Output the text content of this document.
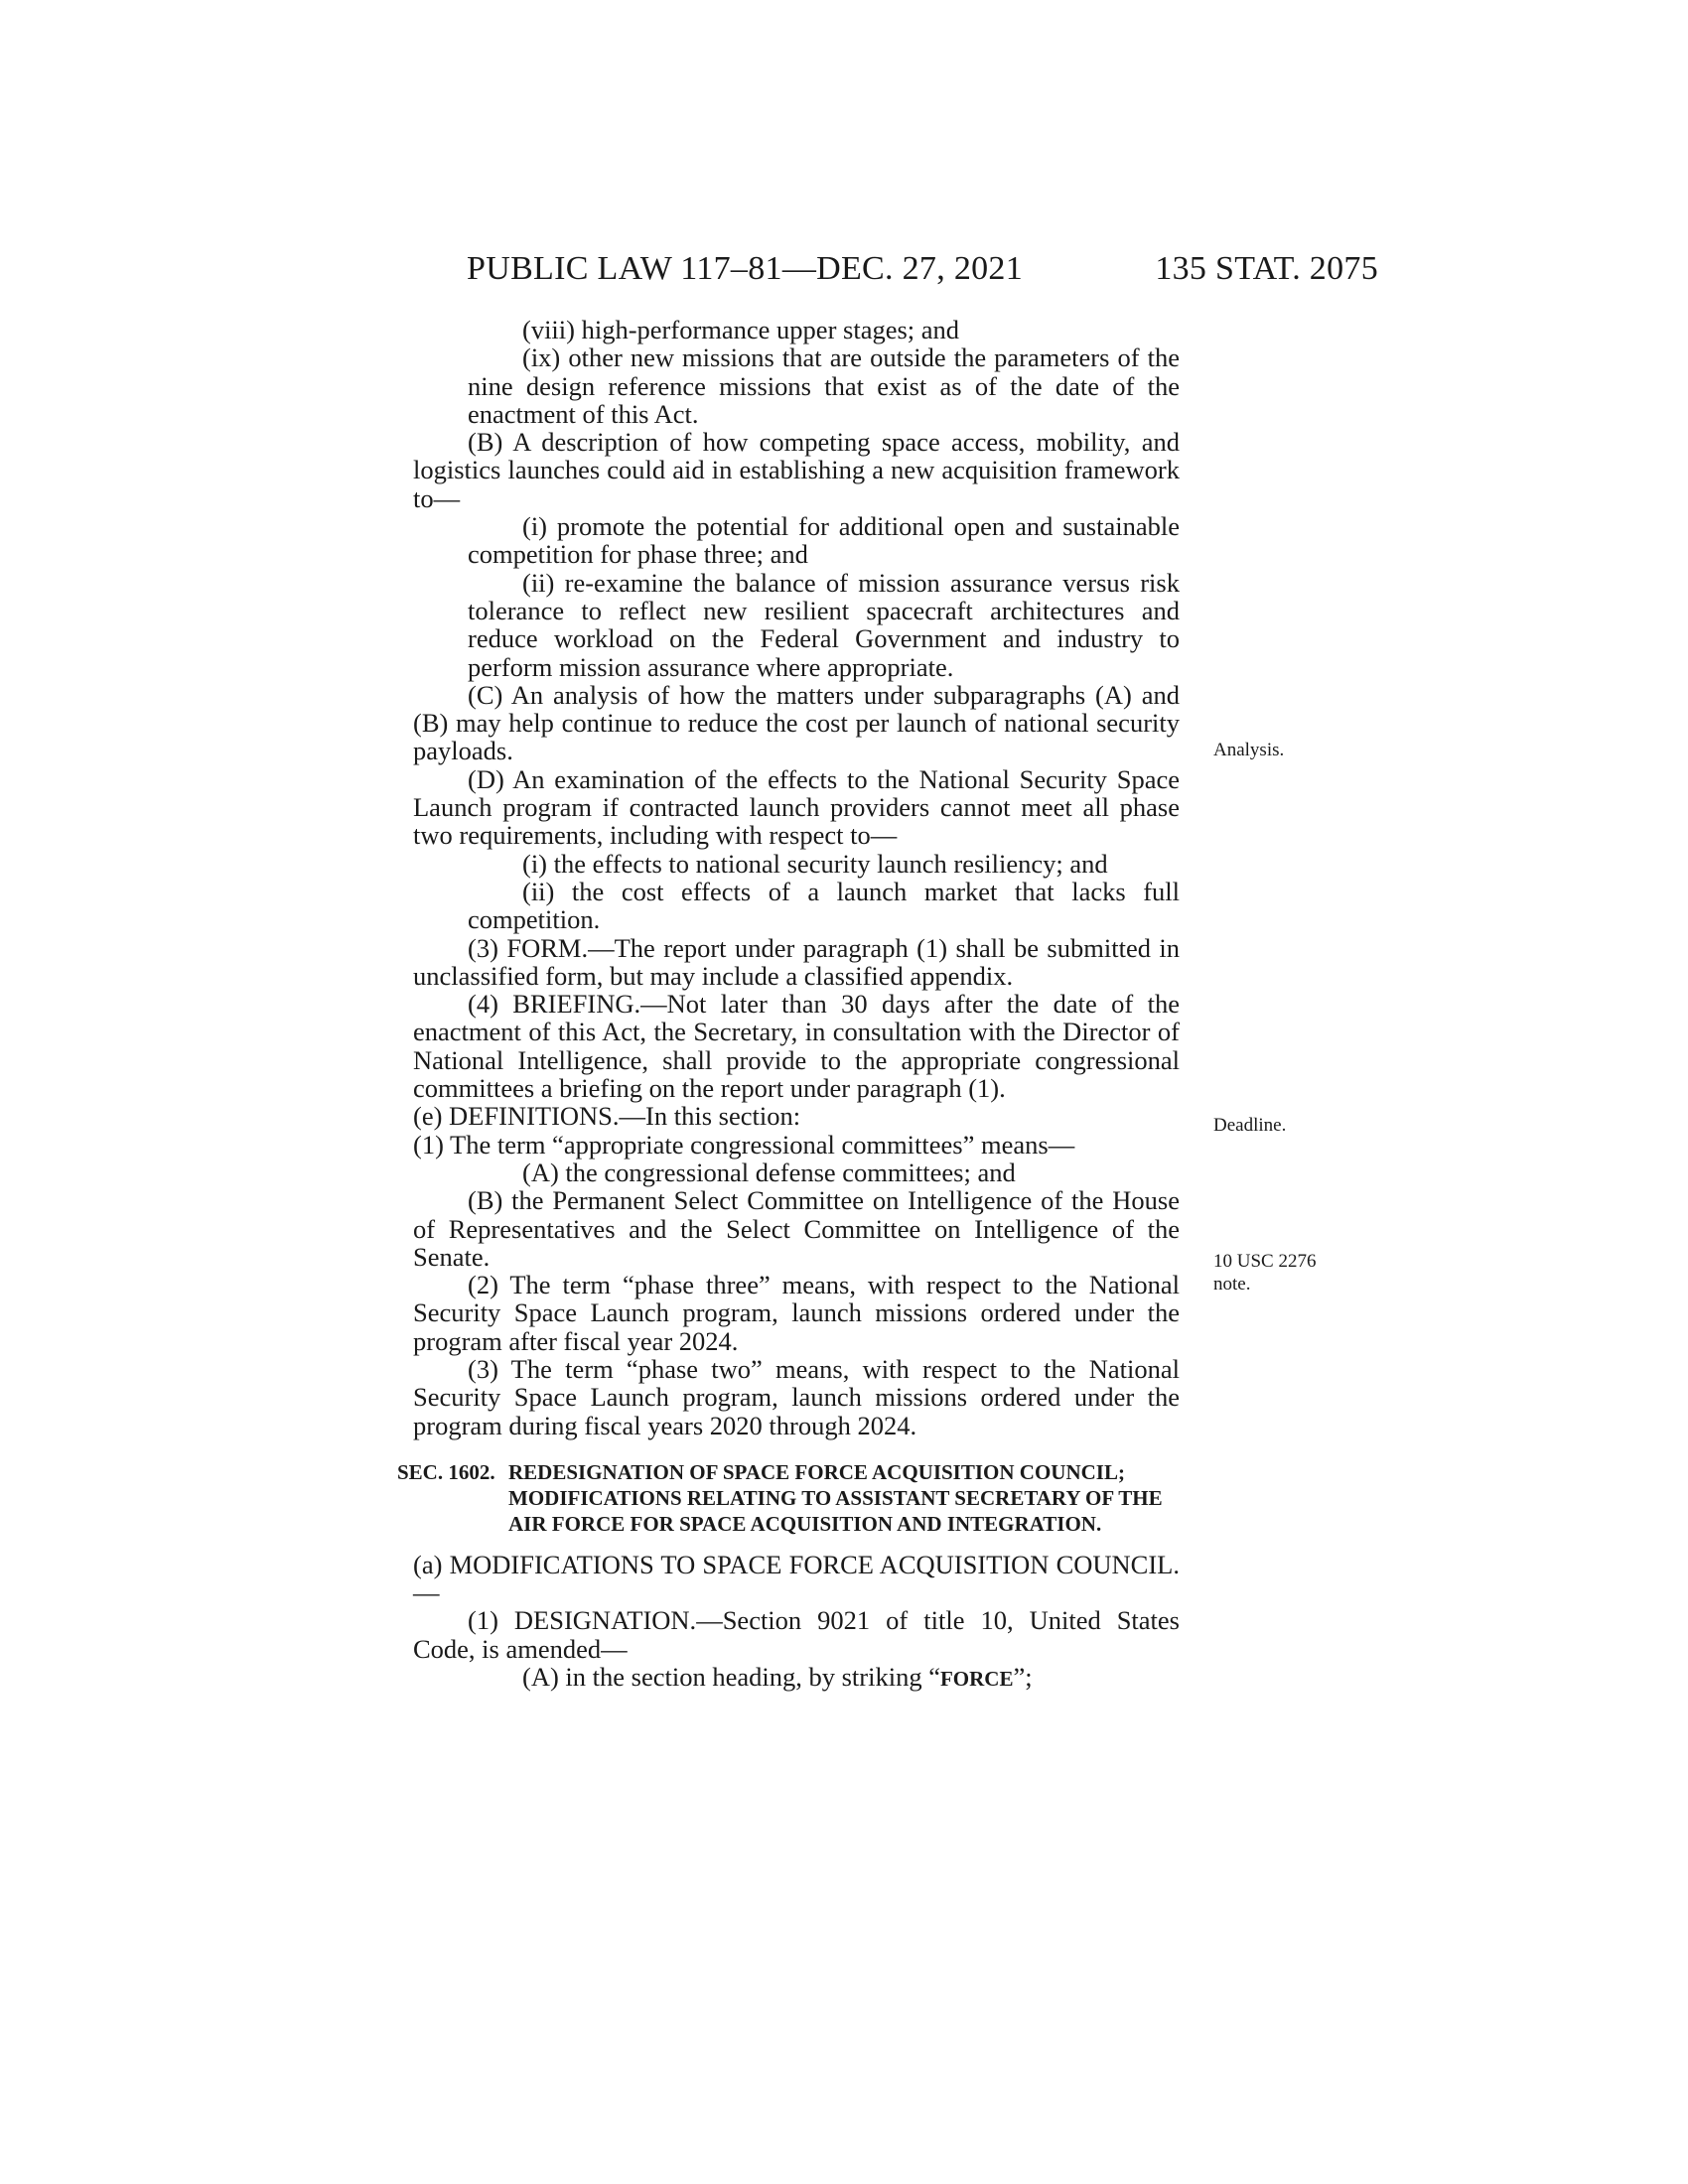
PUBLIC LAW 117–81—DEC. 27, 2021	135 STAT. 2075

(viii) high-performance upper stages; and

(ix) other new missions that are outside the parameters of the nine design reference missions that exist as of the date of the enactment of this Act.

(B) A description of how competing space access, mobility, and logistics launches could aid in establishing a new acquisition framework to—

(i) promote the potential for additional open and sustainable competition for phase three; and

(ii) re-examine the balance of mission assurance versus risk tolerance to reflect new resilient spacecraft architectures and reduce workload on the Federal Government and industry to perform mission assurance where appropriate.

(C) An analysis of how the matters under subparagraphs (A) and (B) may help continue to reduce the cost per launch of national security payloads.

(D) An examination of the effects to the National Security Space Launch program if contracted launch providers cannot meet all phase two requirements, including with respect to—

(i) the effects to national security launch resiliency; and

(ii) the cost effects of a launch market that lacks full competition.

(3) FORM.—The report under paragraph (1) shall be submitted in unclassified form, but may include a classified appendix.

(4) BRIEFING.—Not later than 30 days after the date of the enactment of this Act, the Secretary, in consultation with the Director of National Intelligence, shall provide to the appropriate congressional committees a briefing on the report under paragraph (1).

(e) DEFINITIONS.—In this section:

(1) The term “appropriate congressional committees” means—

(A) the congressional defense committees; and

(B) the Permanent Select Committee on Intelligence of the House of Representatives and the Select Committee on Intelligence of the Senate.

(2) The term “phase three” means, with respect to the National Security Space Launch program, launch missions ordered under the program after fiscal year 2024.

(3) The term “phase two” means, with respect to the National Security Space Launch program, launch missions ordered under the program during fiscal years 2020 through 2024.

SEC. 1602. REDESIGNATION OF SPACE FORCE ACQUISITION COUNCIL; MODIFICATIONS RELATING TO ASSISTANT SECRETARY OF THE AIR FORCE FOR SPACE ACQUISITION AND INTEGRATION.

(a) MODIFICATIONS TO SPACE FORCE ACQUISITION COUNCIL.—

(1) DESIGNATION.—Section 9021 of title 10, United States Code, is amended—

(A) in the section heading, by striking “FORCE”;

Analysis.
Deadline.
10 USC 2276
note.
